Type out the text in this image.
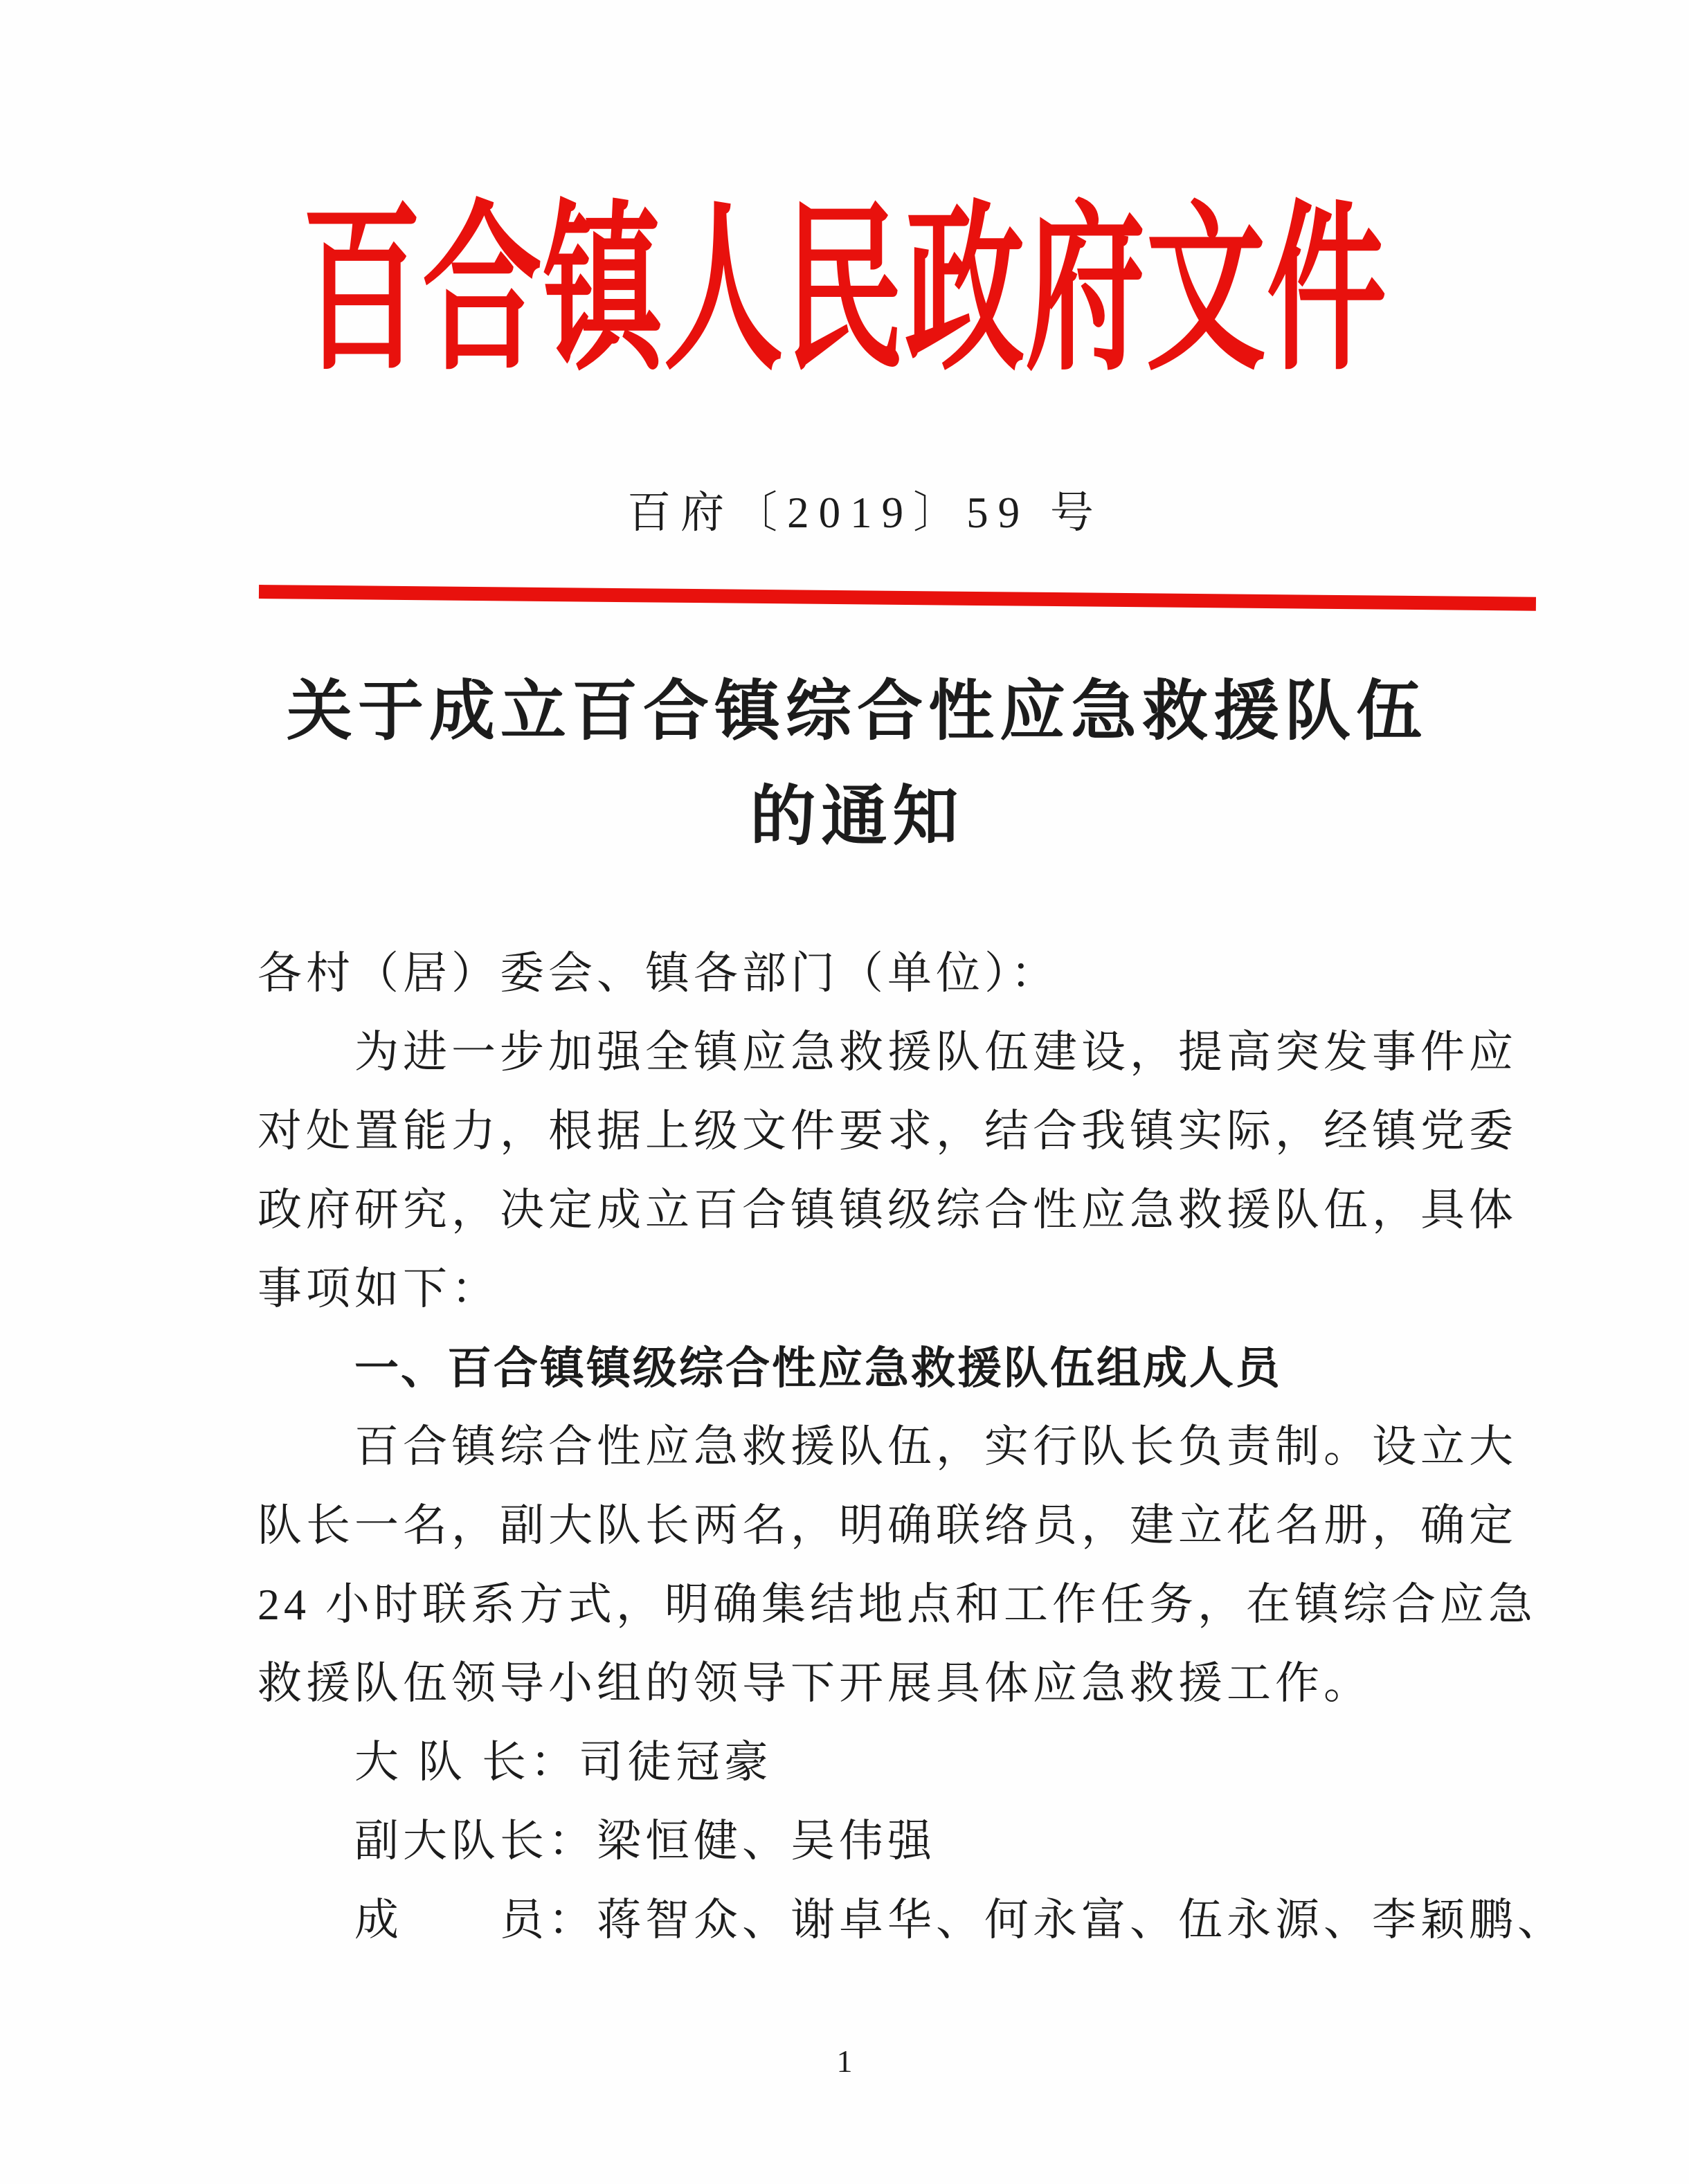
百合镇人民政府文件
百府〔2019〕59 号
关于成立百合镇综合性应急救援队伍
的通知
各村（居）委会、镇各部门（单位）：
为进一步加强全镇应急救援队伍建设，提高突发事件应
对处置能力，根据上级文件要求，结合我镇实际，经镇党委
政府研究，决定成立百合镇镇级综合性应急救援队伍，具体
事项如下：
一、百合镇镇级综合性应急救援队伍组成人员
百合镇综合性应急救援队伍，实行队长负责制。设立大
队长一名，副大队长两名，明确联络员，建立花名册，确定
24 小时联系方式，明确集结地点和工作任务，在镇综合应急
救援队伍领导小组的领导下开展具体应急救援工作。
大 队 长：司徒冠豪
副大队长：梁恒健、吴伟强
成　　员：蒋智众、谢卓华、何永富、伍永源、李颖鹏、
1
